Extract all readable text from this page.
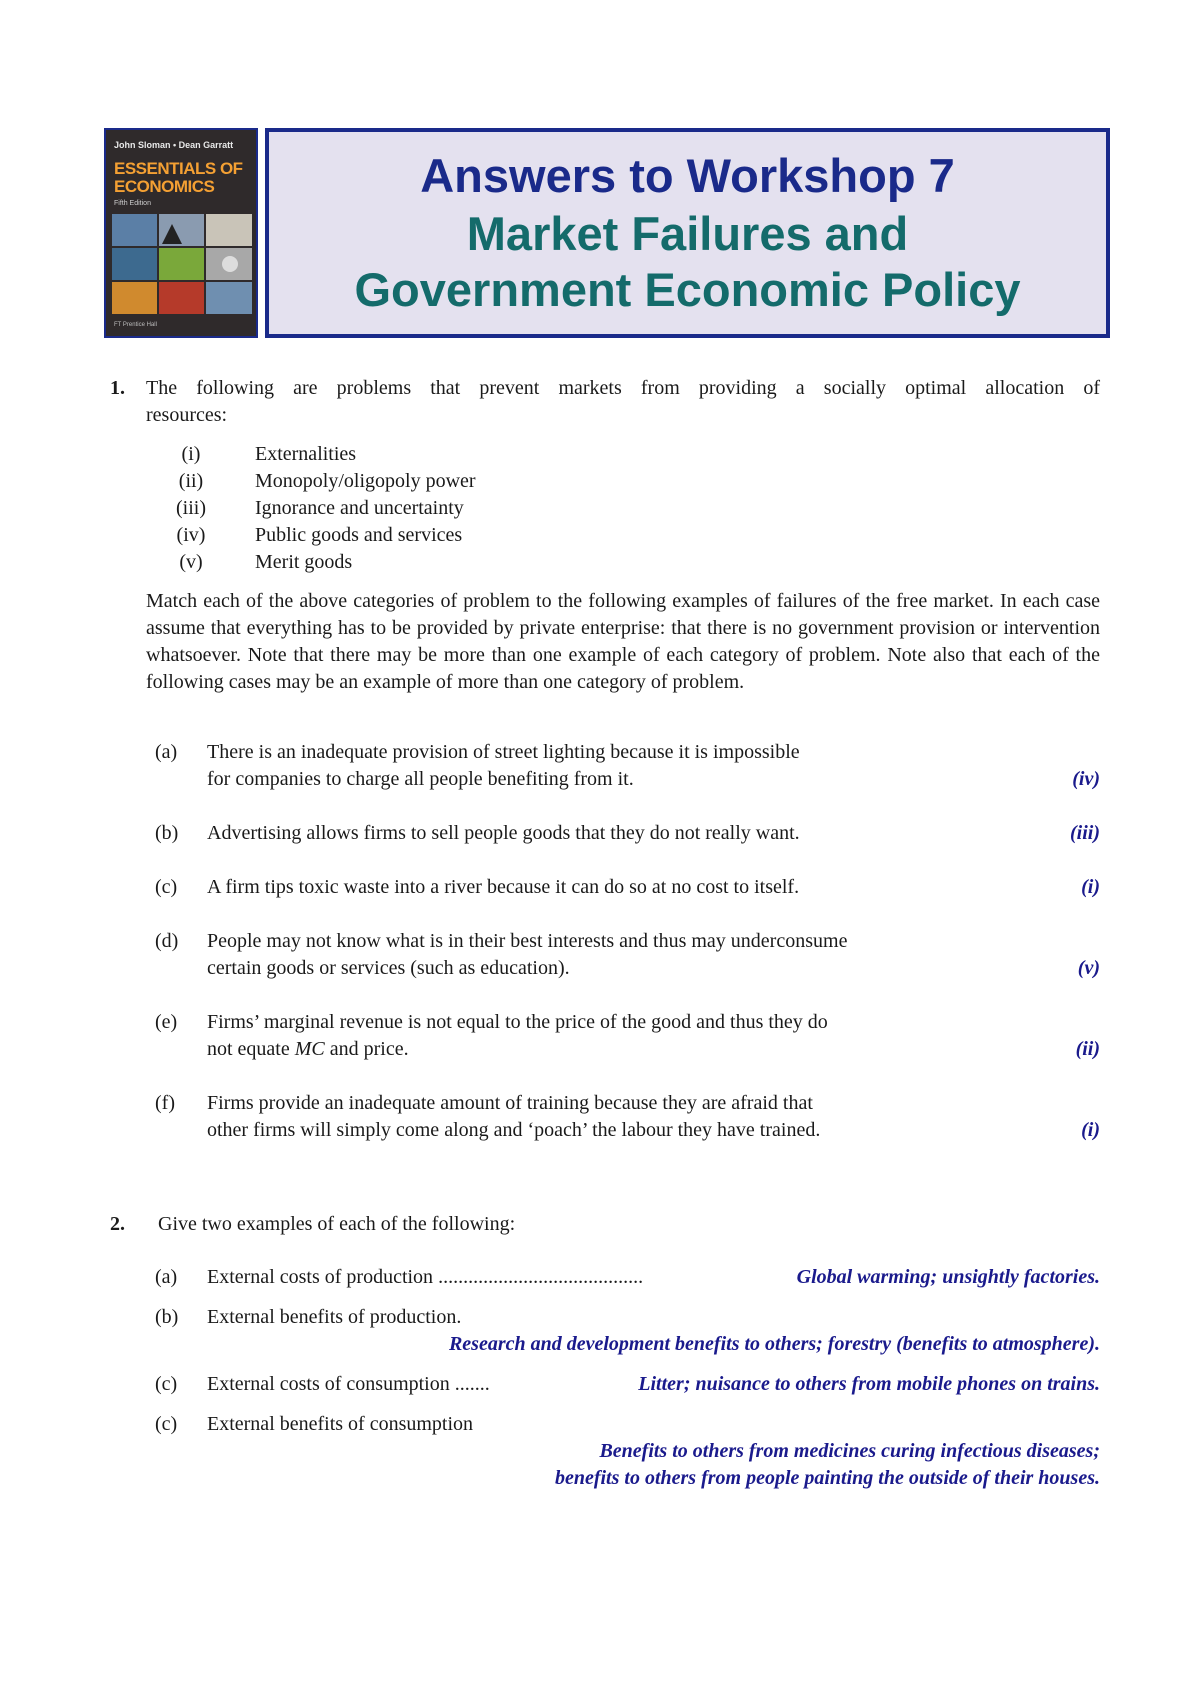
John Sloman • Dean Garratt
ESSENTIALS OF
ECONOMICS
Fifth Edition
FT Prentice Hall
Answers to Workshop 7
Market Failures and
Government Economic Policy
1. The following are problems that prevent markets from providing a socially optimal allocation of
resources:
(i)	Externalities
(ii)	Monopoly/oligopoly power
(iii)	Ignorance and uncertainty
(iv)	Public goods and services
(v)	Merit goods
Match each of the above categories of problem to the following examples of failures of the free market. In each case assume that everything has to be provided by private enterprise: that there is no government provision or intervention whatsoever. Note that there may be more than one example of each category of problem. Note also that each of the following cases may be an example of more than one category of problem.
(a) There is an inadequate provision of street lighting because it is impossible
for companies to charge all people benefiting from it.	(iv)
(b) Advertising allows firms to sell people goods that they do not really want.	(iii)
(c) A firm tips toxic waste into a river because it can do so at no cost to itself.	(i)
(d) People may not know what is in their best interests and thus may underconsume
certain goods or services (such as education).	(v)
(e) Firms’ marginal revenue is not equal to the price of the good and thus they do
not equate MC and price.	(ii)
(f) Firms provide an inadequate amount of training because they are afraid that
other firms will simply come along and ‘poach’ the labour they have trained.	(i)
2. Give two examples of each of the following:
(a) External costs of production .........................................	Global warming; unsightly factories.
(b) External benefits of production.
Research and development benefits to others; forestry (benefits to atmosphere).
(c) External costs of consumption .......	Litter; nuisance to others from mobile phones on trains.
(c) External benefits of consumption
Benefits to others from medicines curing infectious diseases;
benefits to others from people painting the outside of their houses.
